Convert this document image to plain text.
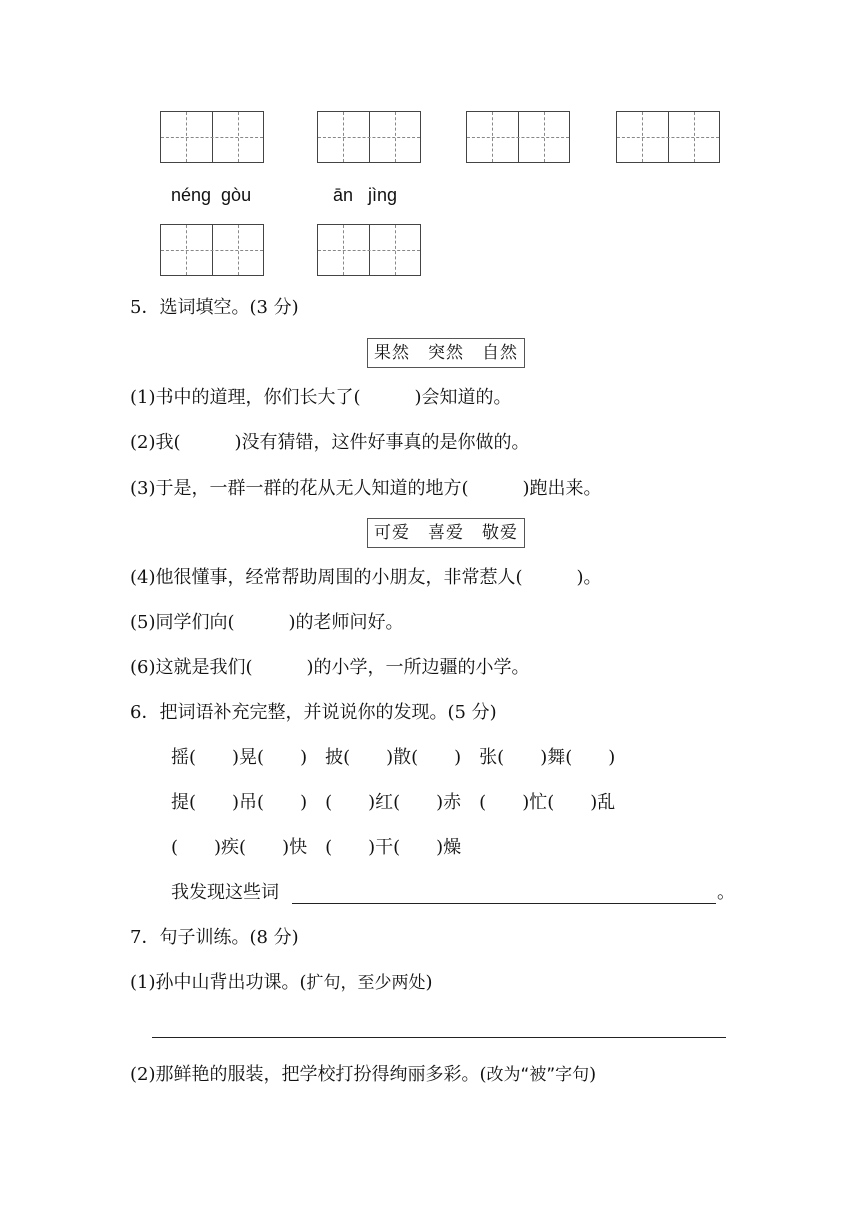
néng  gòu	ān   jìng
5．选词填空。(3 分)
果然 突然 自然
(1)书中的道理，你们长大了(　　　)会知道的。
(2)我(　　　)没有猜错，这件好事真的是你做的。
(3)于是，一群一群的花从无人知道的地方(　　　)跑出来。
可爱 喜爱 敬爱
(4)他很懂事，经常帮助周围的小朋友，非常惹人(　　　)。
(5)同学们向(　　　)的老师问好。
(6)这就是我们(　　　)的小学，一所边疆的小学。
6．把词语补充完整，并说说你的发现。(5 分)
摇(　　)晃(　　)　披(　　)散(　　)　张(　　)舞(　　)
提(　　)吊(　　)　(　　)红(　　)赤　(　　)忙(　　)乱
(　　)疾(　　)快　(　　)干(　　)燥
我发现这些词	。
7．句子训练。(8 分)
(1)孙中山背出功课。(扩句，至少两处)
(2)那鲜艳的服装，把学校打扮得绚丽多彩。(改为“被”字句)
